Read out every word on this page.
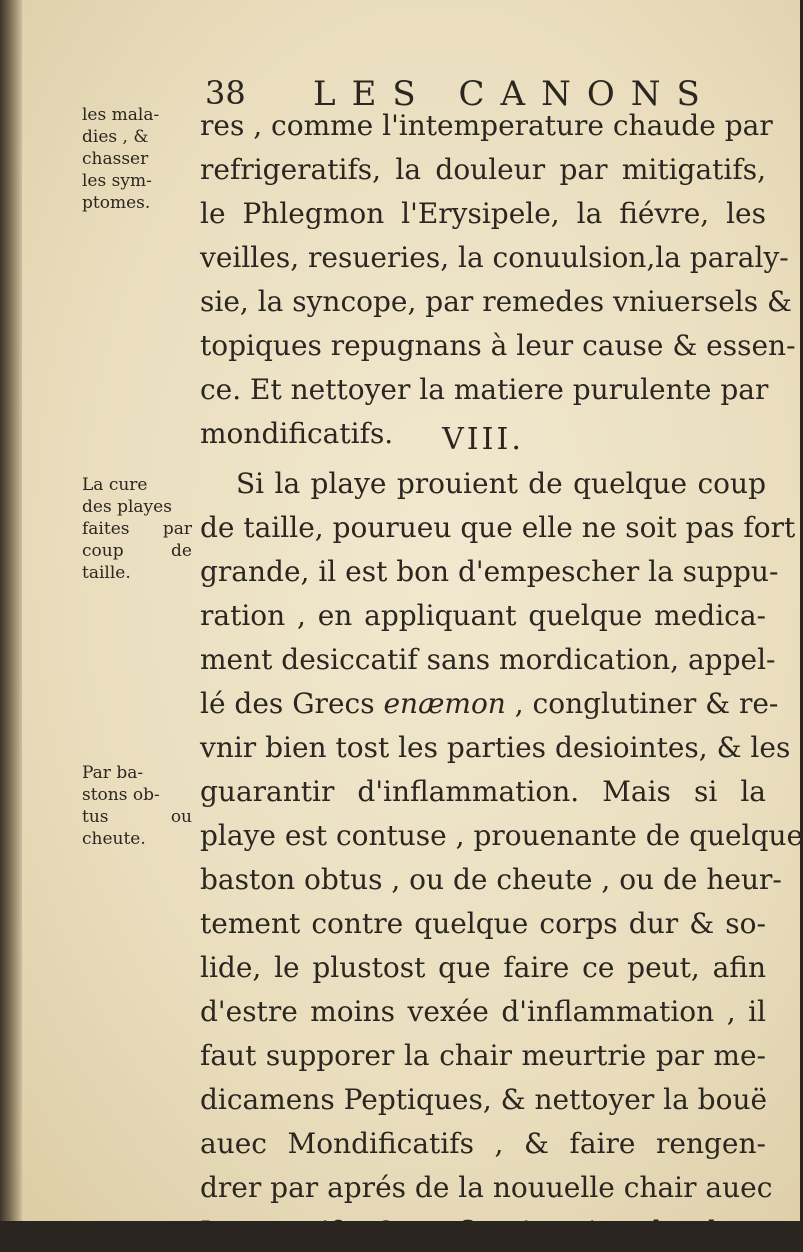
38 LES CANONS
les mala-
dies , &
chasser
les sym-
ptomes.
La cure
des playes
faites par
coup de
taille.
Par ba-
stons ob-
tus ou
cheute.
res , comme l'intemperature chaude par
refrigeratifs, la douleur par mitigatifs,
le Phlegmon l'Erysipele, la fiévre, les
veilles, resueries, la conuulsion,la paraly-
sie, la syncope, par remedes vniuersels &
topiques repugnans à leur cause & essen-
ce. Et nettoyer la matiere purulente par
mondificatifs.	VIII.
Si la playe prouient de quelque coup
de taille, pourueu que elle ne soit pas fort
grande, il est bon d'empescher la suppu-
ration , en appliquant quelque medica-
ment desiccatif sans mordication, appel-
lé des Grecs enæmon , conglutiner & re-
vnir bien tost les parties desiointes, & les
guarantir d'inflammation. Mais si la
playe est contuse , prouenante de quelque
baston obtus , ou de cheute , ou de heur-
tement contre quelque corps dur & so-
lide, le plustost que faire ce peut, afin
d'estre moins vexée d'inflammation , il
faut supporer la chair meurtrie par me-
dicamens Peptiques, & nettoyer la bouë
auec Mondificatifs , & faire rengen-
drer par aprés de la nouuelle chair auec
Incarnatifs, & en fin cicatriser la playe
